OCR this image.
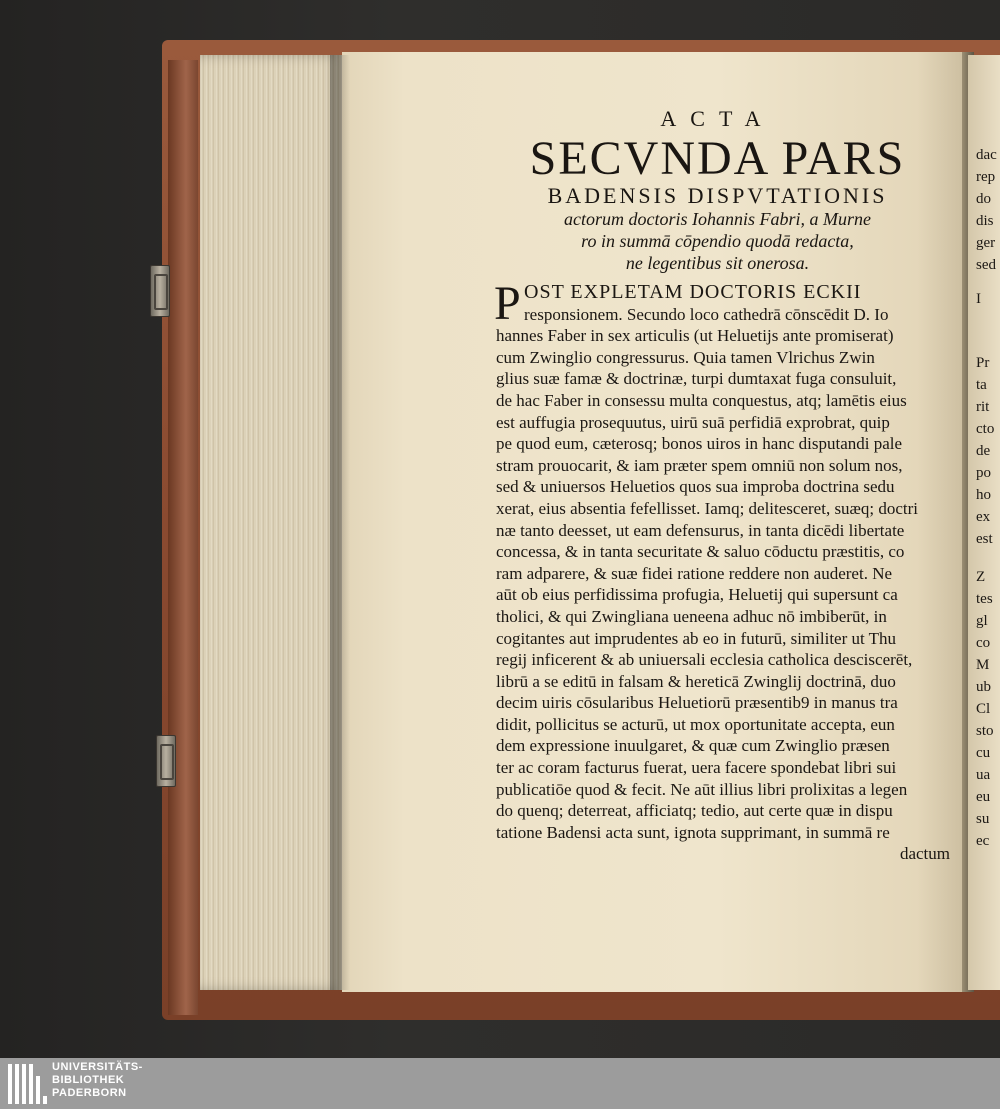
dac
rep
do
dis
ger
sed
I
Pr
ta
rit
cto
de
po
ho
ex
est
Z
tes
gl
co
M
ub
Cl
sto
cu
ua
eu
su
ec

ACTA

SECVNDA PARS

BADENSIS DISPVTATIONIS

actorum doctoris Iohannis Fabri, a Murne
ro in summā cōpendio quodā redacta,
ne legentibus sit onerosa.
P OST EXPLETAM DOCTORIS ECKII
responsionem. Secundo loco cathedrā cōnscēdit D. Io
hannes Faber in sex articulis (ut Heluetijs ante promiserat)
cum Zwinglio congressurus. Quia tamen Vlrichus Zwin
glius suæ famæ & doctrinæ, turpi dumtaxat fuga consuluit,
de hac Faber in consessu multa conquestus, atq; lamētis eius
est auffugia prosequutus, uirū suā perfidiā exprobrat, quip
pe quod eum, cæterosq; bonos uiros in hanc disputandi pale
stram prouocarit, & iam præter spem omniū non solum nos,
sed & uniuersos Heluetios quos sua improba doctrina sedu
xerat, eius absentia fefellisset. Iamq; delitesceret, suæq; doctri
næ tanto deesset, ut eam defensurus, in tanta dicēdi libertate
concessa, & in tanta securitate & saluo cōductu præstitis, co
ram adparere, & suæ fidei ratione reddere non auderet. Ne
aūt ob eius perfidissima profugia, Heluetij qui supersunt ca
tholici, & qui Zwingliana ueneena adhuc nō imbiberūt, in
cogitantes aut imprudentes ab eo in futurū, similiter ut Thu
regij inficerent & ab uniuersali ecclesia catholica desciscerēt,
librū a se editū in falsam & hereticā Zwinglij doctrinā, duo
decim uiris cōsularibus Heluetiorū præsentib9 in manus tra
didit, pollicitus se acturū, ut mox oportunitate accepta, eun
dem expressione inuulgaret, & quæ cum Zwinglio præsen
ter ac coram facturus fuerat, uera facere spondebat libri sui
publicatiōe quod & fecit. Ne aūt illius libri prolixitas a legen
do quenq; deterreat, afficiatq; tedio, aut certe quæ in dispu
tatione Badensi acta sunt, ignota supprimant, in summā re
dactum
UNIVERSITÄTS-
BIBLIOTHEK
PADERBORN
